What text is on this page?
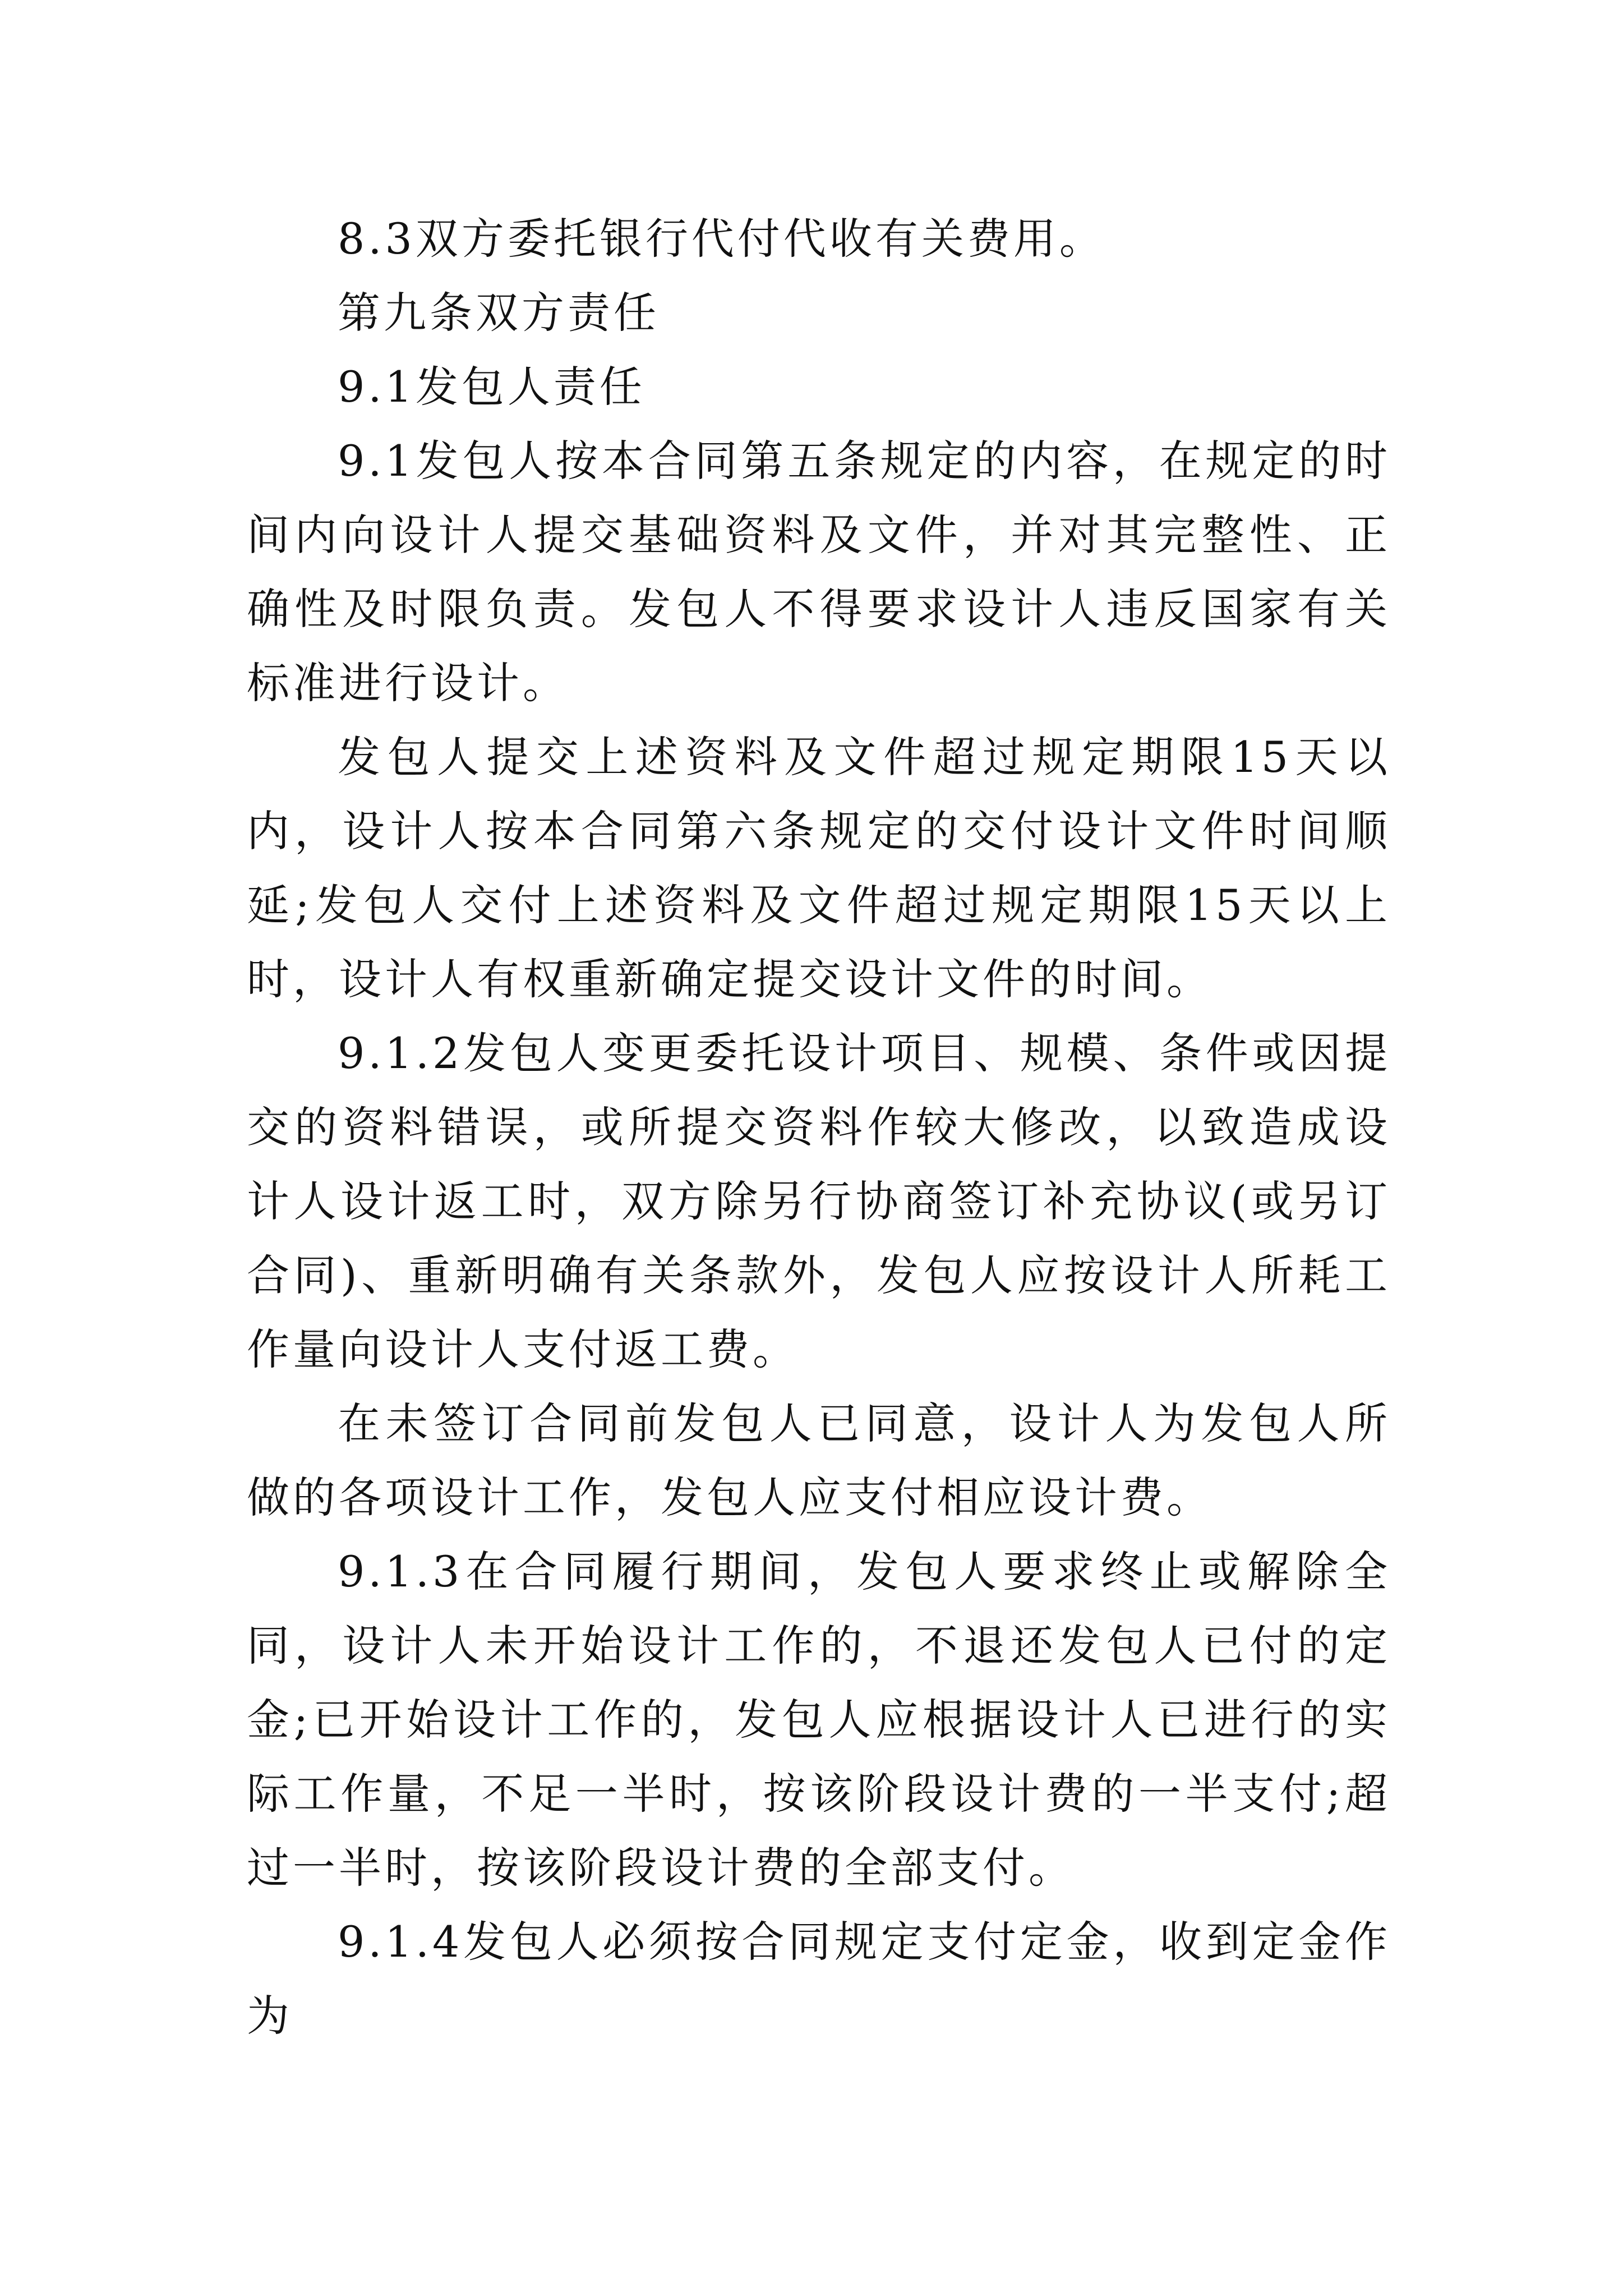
8.3双方委托银行代付代收有关费用。

第九条双方责任

9.1发包人责任

9.1发包人按本合同第五条规定的内容，在规定的时间内向设计人提交基础资料及文件，并对其完整性、正确性及时限负责。发包人不得要求设计人违反国家有关标准进行设计。

发包人提交上述资料及文件超过规定期限15天以内，设计人按本合同第六条规定的交付设计文件时间顺延;发包人交付上述资料及文件超过规定期限15天以上时，设计人有权重新确定提交设计文件的时间。

9.1.2发包人变更委托设计项目、规模、条件或因提交的资料错误，或所提交资料作较大修改，以致造成设计人设计返工时，双方除另行协商签订补充协议(或另订合同)、重新明确有关条款外，发包人应按设计人所耗工作量向设计人支付返工费。

在未签订合同前发包人已同意，设计人为发包人所做的各项设计工作，发包人应支付相应设计费。

9.1.3在合同履行期间，发包人要求终止或解除全同，设计人未开始设计工作的，不退还发包人已付的定金;已开始设计工作的，发包人应根据设计人已进行的实际工作量，不足一半时，按该阶段设计费的一半支付;超过一半时，按该阶段设计费的全部支付。

9.1.4发包人必须按合同规定支付定金，收到定金作为
